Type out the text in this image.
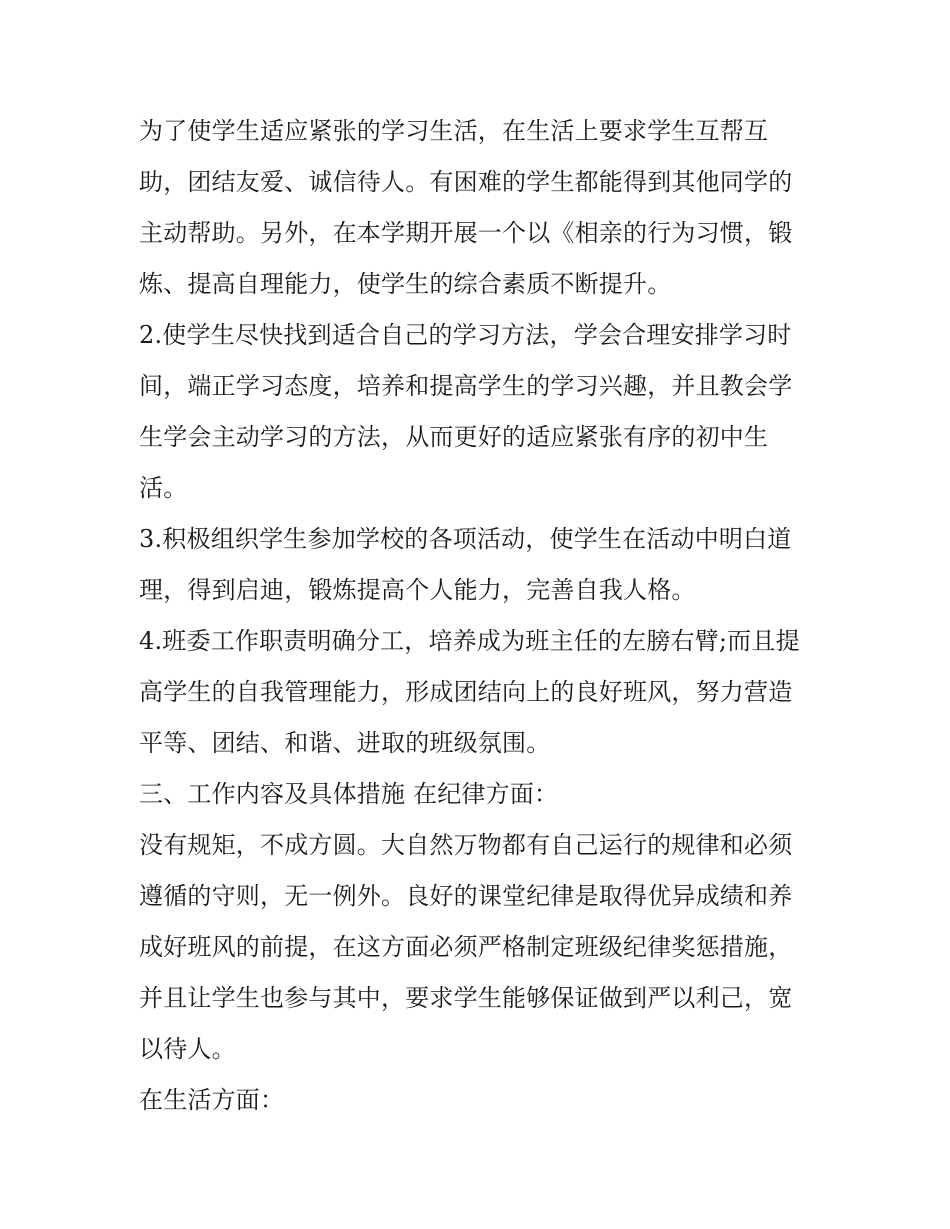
为了使学生适应紧张的学习生活，在生活上要求学生互帮互
助，团结友爱、诚信待人。有困难的学生都能得到其他同学的
主动帮助。另外，在本学期开展一个以《相亲的行为习惯，锻
炼、提高自理能力，使学生的综合素质不断提升。
2.使学生尽快找到适合自己的学习方法，学会合理安排学习时
间，端正学习态度，培养和提高学生的学习兴趣，并且教会学
生学会主动学习的方法，从而更好的适应紧张有序的初中生
活。
3.积极组织学生参加学校的各项活动，使学生在活动中明白道
理，得到启迪，锻炼提高个人能力，完善自我人格。
4.班委工作职责明确分工，培养成为班主任的左膀右臂;而且提
高学生的自我管理能力，形成团结向上的良好班风，努力营造
平等、团结、和谐、进取的班级氛围。
三、工作内容及具体措施 在纪律方面：
没有规矩，不成方圆。大自然万物都有自己运行的规律和必须
遵循的守则，无一例外。良好的课堂纪律是取得优异成绩和养
成好班风的前提，在这方面必须严格制定班级纪律奖惩措施，
并且让学生也参与其中，要求学生能够保证做到严以利己，宽
以待人。
在生活方面：
